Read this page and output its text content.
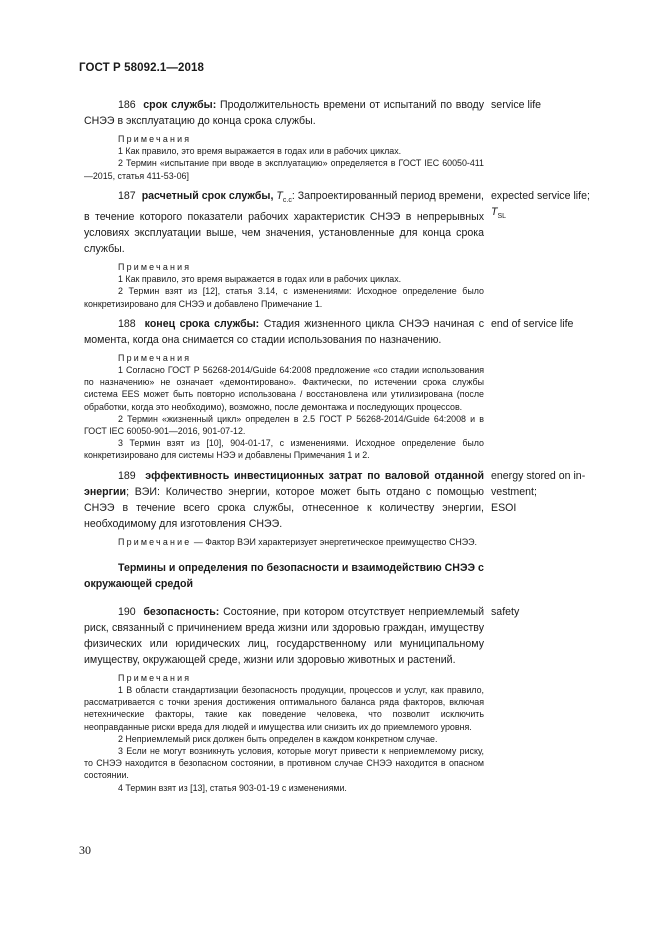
ГОСТ Р 58092.1—2018

186 срок службы: Продолжительность времени от испытаний по вводу СНЭЭ в эксплуатацию до конца срока службы.

service life

Примечания

1 Как правило, это время выражается в годах или в рабочих циклах.

2 Термин «испытание при вводе в эксплуатацию» определяется в ГОСТ IEC 60050-411—2015, статья 411-53-06]

187 расчетный срок службы, $T_{c.c}$: Запроектированный период времени, в течение которого показатели рабочих характеристик СНЭЭ в непрерывных условиях эксплуатации выше, чем значения, установленные для конца срока службы.

expected service life;
$T_{SL}$

Примечания

1 Как правило, это время выражается в годах или в рабочих циклах.

2 Термин взят из [12], статья 3.14, с изменениями: Исходное определение было конкретизировано для СНЭЭ и добавлено Примечание 1.

188 конец срока службы: Стадия жизненного цикла СНЭЭ начиная с момента, когда она снимается со стадии использования по назначению.

end of service life

Примечания

1 Согласно ГОСТ Р 56268-2014/Guide 64:2008 предложение «со стадии использования по назначению» не означает «демонтировано». Фактически, по истечении срока службы система EES может быть повторно использована / восстановлена или утилизирована (после обработки, когда это необходимо), возможно, после демонтажа и последующих процессов.

2 Термин «жизненный цикл» определен в 2.5 ГОСТ Р 56268-2014/Guide 64:2008 и в ГОСТ IEC 60050-901—2016, 901-07-12.

3 Термин взят из [10], 904-01-17, с изменениями. Исходное определение было конкретизировано для системы НЭЭ и добавлены Примечания 1 и 2.

189 эффективность инвестиционных затрат по валовой отданной энергии; ВЭИ: Количество энергии, которое может быть отдано с помощью СНЭЭ в течение всего срока службы, отнесенное к количеству энергии, необходимому для изготовления СНЭЭ.

energy stored on in-vestment;
ESOI

Примечание — Фактор ВЭИ характеризует энергетическое преимущество СНЭЭ.

Термины и определения по безопасности и взаимодействию СНЭЭ с окружающей средой

190 безопасность: Состояние, при котором отсутствует неприемлемый риск, связанный с причинением вреда жизни или здоровью граждан, имуществу физических или юридических лиц, государственному или муниципальному имуществу, окружающей среде, жизни или здоровью животных и растений.

safety

Примечания

1 В области стандартизации безопасность продукции, процессов и услуг, как правило, рассматривается с точки зрения достижения оптимального баланса ряда факторов, включая нетехнические факторы, такие как поведение человека, что позволит исключить неоправданные риски вреда для людей и имущества или снизить их до приемлемого уровня.

2 Неприемлемый риск должен быть определен в каждом конкретном случае.

3 Если не могут возникнуть условия, которые могут привести к неприемлемому риску, то СНЭЭ находится в безопасном состоянии, в противном случае СНЭЭ находится в опасном состоянии.

4 Термин взят из [13], статья 903-01-19 с изменениями.

30
